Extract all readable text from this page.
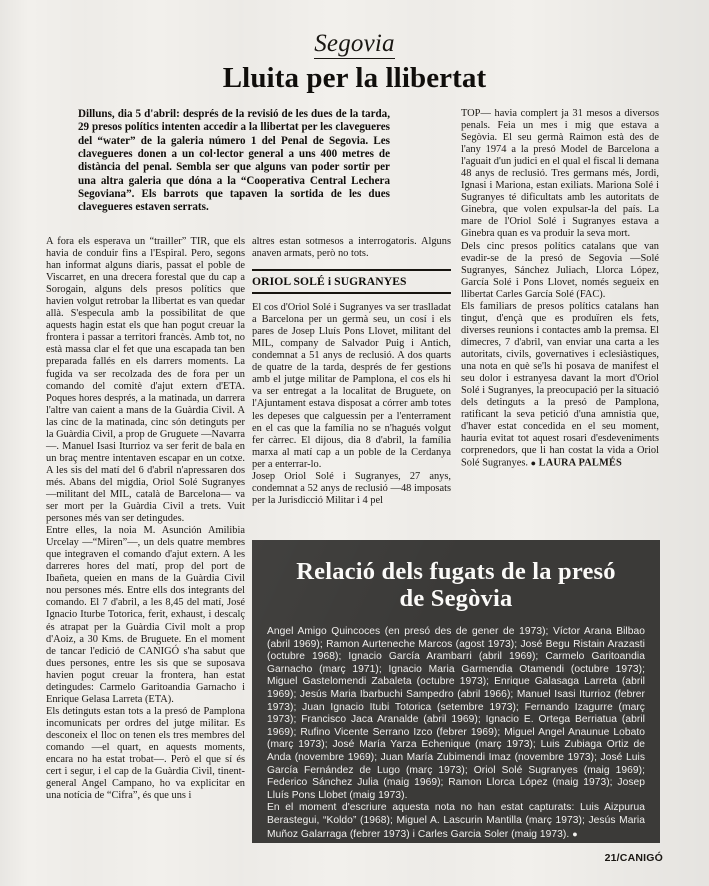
Segovia
Lluita per la llibertat
Dilluns, dia 5 d'abril: després de la revisió de les dues de la tarda, 29 presos polítics intenten accedir a la llibertat per les clavegueres del “water” de la galeria número 1 del Penal de Segovia. Les clavegueres donen a un col·lector general a uns 400 metres de distància del penal. Sembla ser que alguns van poder sortir per una altra galeria que dóna a la “Cooperativa Central Lechera Segoviana”. Els barrots que tapaven la sortida de les dues clavegueres estaven serrats.

A fora els esperava un “trailler” TIR, que els havia de conduir fins a l'Espiral. Pero, segons han informat alguns diaris, passat el poble de Viscarret, en una drecera forestal que du cap a Sorogain, alguns dels presos polítics que havien volgut retrobar la llibertat es van quedar allà. S'especula amb la possibilitat de que aquests hagin estat els que han pogut creuar la frontera i passar a territori francès. Amb tot, no està massa clar el fet que una escapada tan ben preparada fallés en els darrers moments. La fugida va ser recolzada des de fora per un comando del comitè d'ajut extern d'ETA. Poques hores després, a la matinada, un darrera l'altre van caient a mans de la Guàrdia Civil. A las cinc de la matinada, cinc són detinguts per la Guàrdia Civil, a prop de Gruguete —Navarra—. Manuel Isasi Iturrioz va ser ferit de bala en un braç mentre intentaven escapar en un cotxe. A les sis del matí del 6 d'abril n'apressaren dos més. Abans del migdia, Oriol Solé Sugranyes —militant del MIL, català de Barcelona— va ser mort per la Guàrdia Civil a trets. Vuit persones més van ser detingudes.

Entre elles, la noia M. Asunción Amilibia Urcelay —“Miren”—, un dels quatre membres que integraven el comando d'ajut extern. A les darreres hores del matí, prop del port de Ibañeta, queien en mans de la Guàrdia Civil nou persones més. Entre ells dos integrants del comando. El 7 d'abril, a les 8,45 del matí, José Ignacio Iturbe Totorica, ferit, exhaust, i descalç és atrapat per la Guàrdia Civil molt a prop d'Aoiz, a 30 Kms. de Bruguete. En el moment de tancar l'edició de CANIGÓ s'ha sabut que dues persones, entre les sis que se suposava havien pogut creuar la frontera, han estat detingudes: Carmelo Garitoandia Garnacho i Enrique Gelasa Larreta (ETA).

Els detinguts estan tots a la presó de Pamplona incomunicats per ordres del jutge militar. Es desconeix el lloc on tenen els tres membres del comando —el quart, en aquests moments, encara no ha estat trobat—. Però el que sí és cert i segur, i el cap de la Guàrdia Civil, tinent-general Angel Campano, ho va explicitar en una notícia de “Cifra”, és que uns i

altres estan sotmesos a interrogatoris. Alguns anaven armats, però no tots.

ORIOL SOLÉ i SUGRANYES

El cos d'Oriol Solé i Sugranyes va ser traslladat a Barcelona per un germà seu, un cosí i els pares de Josep Lluís Pons Llovet, militant del MIL, company de Salvador Puig i Antich, condemnat a 51 anys de reclusió. A dos quarts de quatre de la tarda, després de fer gestions amb el jutge militar de Pamplona, el cos els hi va ser entregat a la localitat de Bruguete, on l'Ajuntament estava disposat a córrer amb totes les depeses que calguessin per a l'enterrament en el cas que la família no se n'hagués volgut fer càrrec. El dijous, dia 8 d'abril, la família marxa al matí cap a un poble de la Cerdanya per a enterrar-lo.

Josep Oriol Solé i Sugranyes, 27 anys, condemnat a 52 anys de reclusió —48 imposats per la Jurisdicció Militar i 4 pel

TOP— havia complert ja 31 mesos a diversos penals. Feia un mes i mig que estava a Segòvia. El seu germà Raimon està des de l'any 1974 a la presó Model de Barcelona a l'aguait d'un judici en el qual el fiscal li demana 48 anys de reclusió. Tres germans més, Jordi, Ignasi i Mariona, estan exiliats. Mariona Solé i Sugranyes té dificultats amb les autoritats de Ginebra, que volen expulsar-la del país. La mare de l'Oriol Solé i Sugranyes estava a Ginebra quan es va produir la seva mort.

Dels cinc presos polítics catalans que van evadir-se de la presó de Segovia —Solé Sugranyes, Sánchez Juliach, Llorca López, García Solé i Pons Llovet, només segueix en llibertat Carles García Solé (FAC).

Els familiars de presos polítics catalans han tingut, d'ençà que es produïren els fets, diverses reunions i contactes amb la premsa. El dimecres, 7 d'abril, van enviar una carta a les autoritats, civils, governatives i eclesiàstiques, una nota en què se'ls hi posava de manifest el seu dolor i estranyesa davant la mort d'Oriol Solé i Sugranyes, la preocupació per la situació dels detinguts a la presó de Pamplona, ratificant la seva petició d'una amnistia que, d'haver estat concedida en el seu moment, hauria evitat tot aquest rosari d'esdeveniments corprenedors, que li han costat la vida a Oriol Solé Sugranyes. ● LAURA PALMÉS

Relació dels fugats de la presó
de Segòvia

Angel Amigo Quincoces (en presó des de gener de 1973); Víctor Arana Bilbao (abril 1969); Ramon Aurteneche Marcos (agost 1973); José Begu Ristain Arazasti (octubre 1968); Ignacio García Arambarri (abril 1969); Carmelo Garitoandia Garnacho (març 1971); Ignacio Maria Garmendia Otamendi (octubre 1973); Miguel Gastelomendi Zabaleta (octubre 1973); Enrique Galasaga Larreta (abril 1969); Jesús Maria Ibarbuchi Sampedro (abril 1966); Manuel Isasi Iturrioz (febrer 1973); Juan Ignacio Itubi Totorica (setembre 1973); Fernando Izagurre (març 1973); Francisco Jaca Aranalde (abril 1969); Ignacio E. Ortega Berriatua (abril 1969); Rufino Vicente Serrano Izco (febrer 1969); Miguel Angel Anaunue Lobato (març 1973); José María Yarza Echenique (març 1973); Luis Zubiaga Ortiz de Anda (novembre 1969); Juan María Zubimendi Imaz (novembre 1973); José Luis García Fernández de Lugo (març 1973); Oriol Solé Sugranyes (maig 1969); Federico Sánchez Julia (maig 1969); Ramon Llorca López (maig 1973); Josep Lluís Pons Llobet (maig 1973).

En el moment d'escriure aquesta nota no han estat capturats: Luis Aizpurua Berastegui, “Koldo” (1968); Miguel A. Lascurin Mantilla (març 1973); Jesús Maria Muñoz Galarraga (febrer 1973) i Carles Garcia Soler (maig 1973). ●

21/CANIGÓ
